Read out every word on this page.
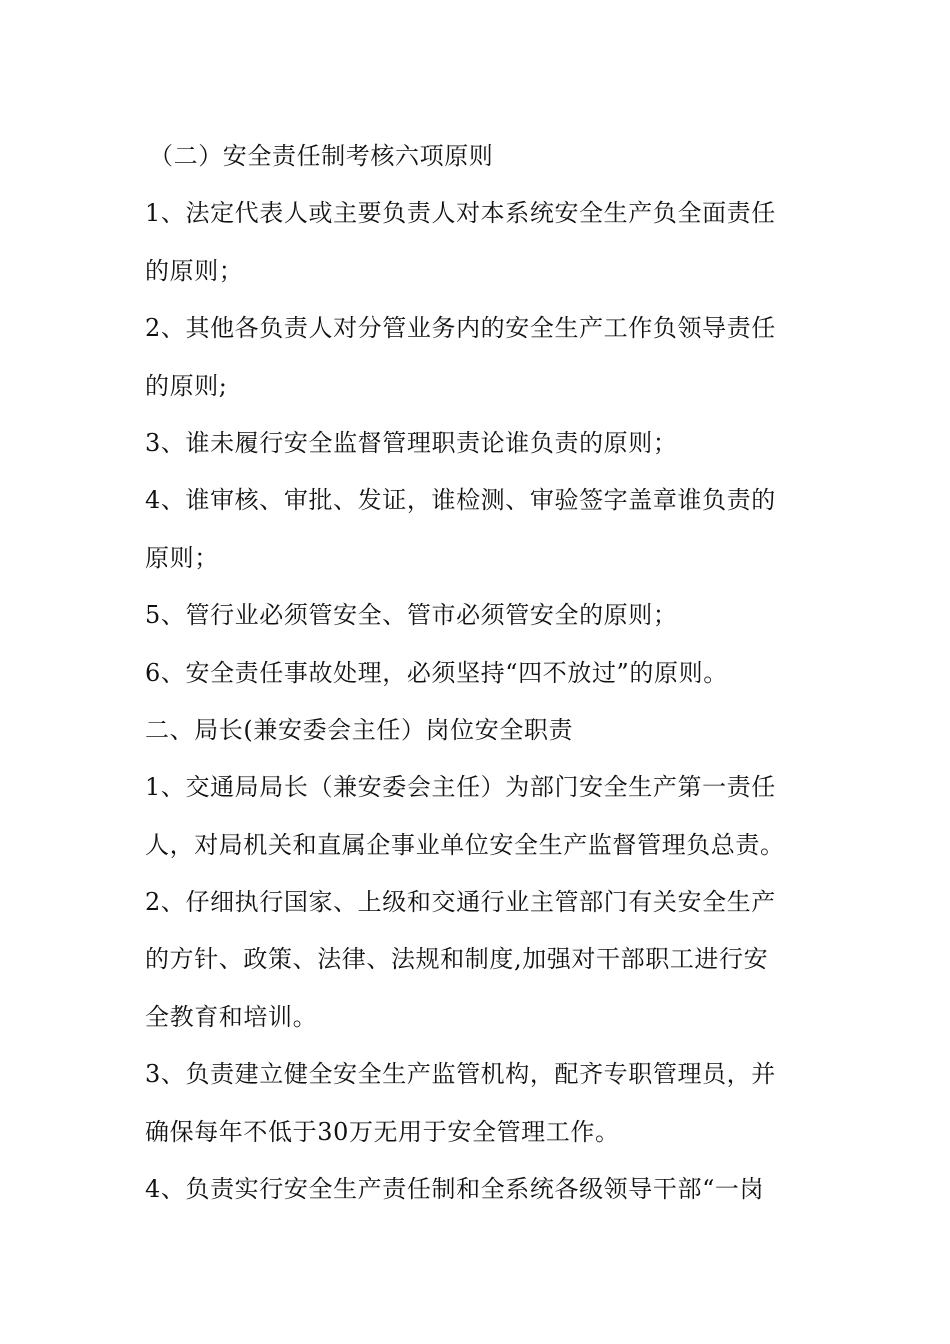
（二）安全责任制考核六项原则
1、法定代表人或主要负责人对本系统安全生产负全面责任
的原则；
2、其他各负责人对分管业务内的安全生产工作负领导责任
的原则;
3、谁未履行安全监督管理职责论谁负责的原则；
4、谁审核、审批、发证，谁检测、审验签字盖章谁负责的
原则；
5、管行业必须管安全、管市必须管安全的原则；
6、安全责任事故处理，必须坚持“四不放过”的原则。
二、局长(兼安委会主任）岗位安全职责
1、交通局局长（兼安委会主任）为部门安全生产第一责任
人，对局机关和直属企事业单位安全生产监督管理负总责。
2、仔细执行国家、上级和交通行业主管部门有关安全生产
的方针、政策、法律、法规和制度,加强对干部职工进行安
全教育和培训。
3、负责建立健全安全生产监管机构，配齐专职管理员，并
确保每年不低于30万无用于安全管理工作。
4、负责实行安全生产责任制和全系统各级领导干部“一岗
